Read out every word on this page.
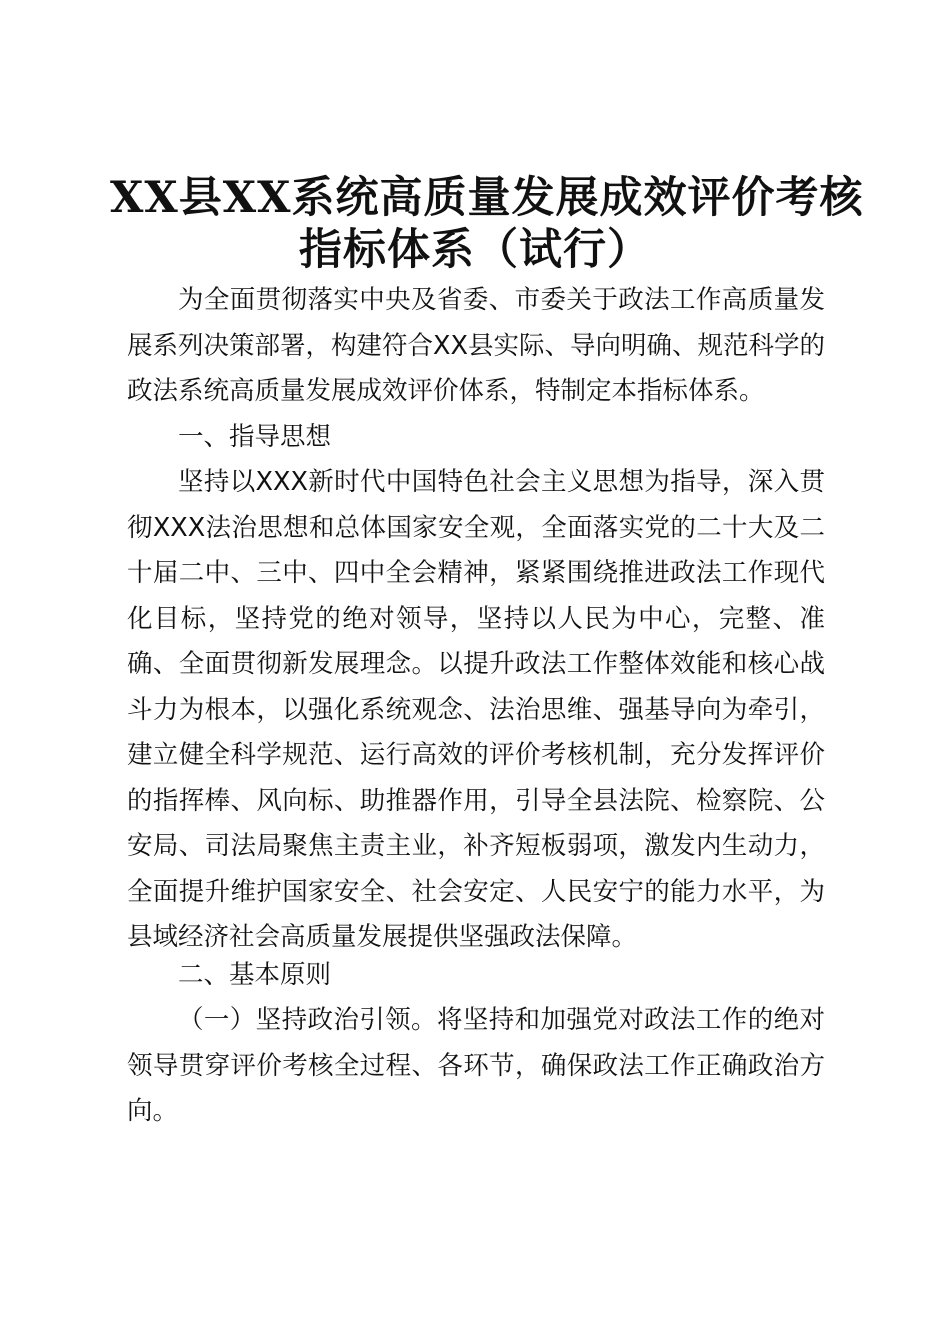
XX县XX系统高质量发展成效评价考核
指标体系（试行）

为全面贯彻落实中央及省委、市委关于政法工作高质量发展系列决策部署，构建符合XX县实际、导向明确、规范科学的政法系统高质量发展成效评价体系，特制定本指标体系。

一、指导思想

坚持以XXX新时代中国特色社会主义思想为指导，深入贯彻XXX法治思想和总体国家安全观，全面落实党的二十大及二十届二中、三中、四中全会精神，紧紧围绕推进政法工作现代化目标，坚持党的绝对领导，坚持以人民为中心，完整、准确、全面贯彻新发展理念。以提升政法工作整体效能和核心战斗力为根本，以强化系统观念、法治思维、强基导向为牵引，建立健全科学规范、运行高效的评价考核机制，充分发挥评价的指挥棒、风向标、助推器作用，引导全县法院、检察院、公安局、司法局聚焦主责主业，补齐短板弱项，激发内生动力，全面提升维护国家安全、社会安定、人民安宁的能力水平，为县域经济社会高质量发展提供坚强政法保障。

二、基本原则

（一）坚持政治引领。将坚持和加强党对政法工作的绝对领导贯穿评价考核全过程、各环节，确保政法工作正确政治方向。
